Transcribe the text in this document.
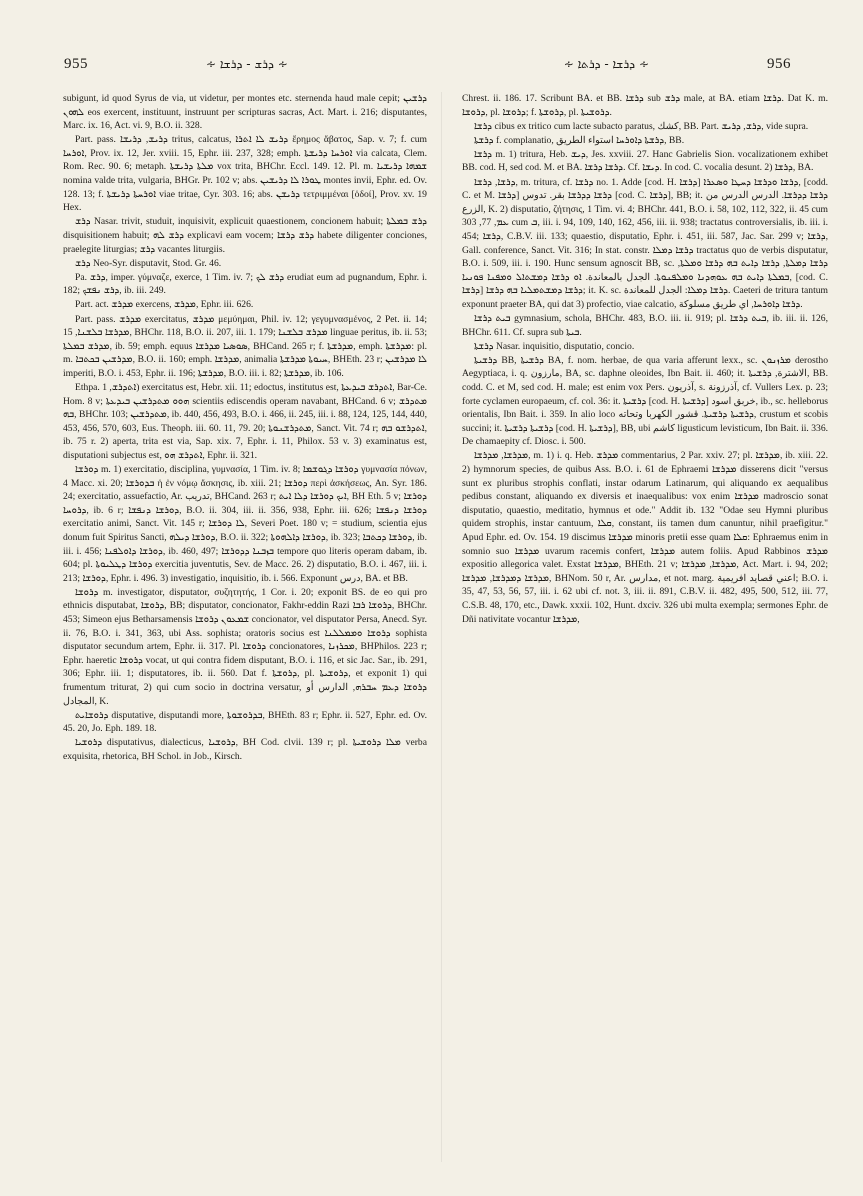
955	∻ ܕܪܫ - ܕܪܫܐ ∻	∻ ܕܪܫܐ - ܕܪܬܐ ∻	956

subigunt, id quod Syrus de via, ut videtur, per montes etc. sternenda haud male cepit; ܕܪܫܝܢ ܠܗܘܢ eos exercent, instituunt, instruunt per scripturas sacras, Act. Mart. i. 216; disputantes, Marc. ix. 16, Act. vi. 9, B.O. ii. 328.

Part. pass. ܕܪܝܫ, ܕܪܝܫܐ tritus, calcatus, ܕܪܝܫ ܠܐ ܐܬܪܐ ἔρημος ἄβατος, Sap. v. 7; f. cum ܐܘܪܚܐ, Prov. ix. 12, Jer. xviii. 15, Ephr. iii. 237, 328; emph. ܐܘܪܚܐ ܕܪܝܫܬܐ via calcata, Clem. Rom. Rec. 90. 6; metaph. ܡܠܬܐ ܕܪܝܫܬܐ vox trita, BHChr. Eccl. 149. 12. Pl. m. ܫܡܗܐ ܕܪܝܫܝܐ nomina valde trita, vulgaria, BHGr. Pr. 102 v; abs. ܛܘܪܐ ܠܐ ܕܪܝܫܝܢ montes invii, Ephr. ed. Ov. 128. 13; f. ܐܘܪܚܬܐ ܕܪܝܫܬܐ viae tritae, Cyr. 303. 16; abs. ܕܪܝܫܢ τετριμμέναι [ὁδοί], Prov. xv. 19 Hex.

ܕܪܫ Nasar. trivit, studuit, inquisivit, explicuit quaestionem, concionem habuit; ܕܪܫ ܒܡܠܬܐ disquisitionem habuit; ܕܪܫ ܠܗ explicavi eam vocem; ܕܪܫ ܕܪܫܐ habete diligenter conciones, praelegite liturgias; ܕܪܫ vacantes liturgiis.

ܕܪܫ Neo-Syr. disputavit, Stod. Gr. 46.

Pa. ܕܪܫ, imper. γύμναζε, exerce, 1 Tim. iv. 7; ܕܪܫ ܠܟ erudiat eum ad pugnandum, Ephr. i. 182; ܕܪܫ ܢܦܫܟ, ib. iii. 249.

Part. act. ܡܕܪܫ exercens, ܡܕܪܫ, Ephr. iii. 626.

Part. pass. ܡܕܪܫ exercitatus, ܡܕܪܫ μεμύημαι, Phil. iv. 12; γεγυμνασμένος, 2 Pet. ii. 14; ܡܕܪܫܐ ܒܠܫܢܐ, 15, BHChr. 118, B.O. ii. 207, iii. 1. 179; ܡܕܪܫ ܒܠܫܢܐ linguae peritus, ib. ii. 53; ܡܕܪܫ ܒܡܠܬܐ, ib. 59; emph. equus ܣܘܣܝܐ ܡܕܪܫܐ, BHCand. 265 r; f. ܡܕܪܫܬܐ, emph. ܡܕܪܫܬܐ: pl. m. ܡܕܪܫܝܢ ܒܟܬܒܐ, B.O. ii. 160; emph. ܡܕܪܫܐ, animalia ܚܝܘܬܐ ܡܕܪܫܬܐ, BHEth. 23 r; ܠܐ ܡܕܪܫܝܢ imperiti, B.O. i. 453, Ephr. ii. 196; ܡܕܪܫܬܐ, B.O. iii. i. 82; ܡܕܪܫܬܐ, ib. 106.

Ethpa. ܐܬܕܪܫ, 1) exercitatus est, Hebr. xii. 11; edoctus, institutus est, ܐܬܕܪܫ ܒܝܕܥܬܐ, Bar-Ce. Hom. 8 v; ܗܘܘ ܡܬܕܪܫܝܢ ܒܝܕܥܬܐ scientiis ediscendis operam navabant, BHCand. 6 v; ܡܬܕܪܫ ܒܗ, BHChr. 103; ܡܬܕܪܫܝܢ, ib. 440, 456, 493, B.O. i. 466, ii. 245, iii. i. 88, 124, 125, 144, 440, 453, 456, 570, 603, Eus. Theoph. iii. 60. 11, 79. 20; ܡܬܕܪܫܢܘܬܐ, Sanct. Vit. 74 r; ܐܬܕܪܫܘ ܒܗ, ib. 75 r. 2) aperta, trita est via, Sap. xix. 7, Ephr. i. 11, Philox. 53 v. 3) examinatus est, disputationi subjectus est, ܐܬܕܪܫ ܗܘ, Ephr. ii. 321.

ܕܘܪܫܐ m. 1) exercitatio, disciplina, γυμνασία, 1 Tim. iv. 8; ܕܘܪܫܐ ܕܓܘܫܡܐ γυμνασία πόνων, 4 Macc. xi. 20; ܒܕܘܪܫܐ ἡ ἐν νόμῳ ἄσκησις, ib. xiii. 21; ܕܘܪܫܐ περὶ ἀσκήσεως, An. Syr. 186. 24; exercitatio, assuefactio, Ar. تدريب, BHCand. 263 r; ܐܝܟ ܕܘܪܫܐ ܕܠܐ ܐܝܬ, BH Eth. 5 v; ܕܘܪܫܐ ܕܪܘܚܐ, ib. 6 r; ܕܘܪܫܐ ܕܢܦܫܐ, B.O. ii. 304, iii. ii. 356, 938, Ephr. iii. 626; ܕܘܪܫܐ ܕܢܦܫܐ exercitatio animi, Sanct. Vit. 145 r; ܠܐ ܕܘܪܫܐ, Severi Poet. 180 v; = studium, scientia ejus donum fuit Spiritus Sancti, ܕܘܪܫܐ ܕܝܠܗ, B.O. ii. 322; ܕܘܪܫܐ ܕܐܠܗܘܬܐ, ib. 323; ܕܘܪܫܐ ܕܟܬܒܐ, ib. iii. i. 456; ܕܘܪܫܐ ܕܐܘܠܦܢܐ, ib. 460, 497; ܒܙܒܢܐ ܕܕܘܪܫܐ tempore quo literis operam dabam, ib. 604; pl. ܕܘܪܫܐ ܕܛܠܝܘܬܐ exercitia juventutis, Sev. de Macc. 26. 2) disputatio, B.O. i. 467, iii. i. 213; ܕܘܪܫܐ, Ephr. i. 496. 3) investigatio, inquisitio, ib. i. 566. Exponunt درس, BA. et BB.

ܕܪܘܫܐ m. investigator, disputator, συζητητής, 1 Cor. i. 20; exponit BS. de eo qui pro ethnicis disputabat, ܕܪܘܫܐ, BB; disputator, concionator, Fakhr-eddin Razi ܕܪܘܫܐ ܪܒܐ, BHChr. 453; Simeon ejus Betharsamensis ܫܡܥܘܢ ܕܪܘܫܐ concionator, vel disputator Persa, Anecd. Syr. ii. 76, B.O. i. 341, 363, ubi Ass. sophista; oratoris socius est ܕܪܘܫܐ ܘܡܡܠܠܢܐ sophista disputator secundum artem, Ephr. ii. 317. Pl. ܕܪܘܫܐ concionatores, ܡܟܪܙܢܐ, BHPhilos. 223 r; Ephr. haeretic ܕܪܘܫܐ vocat, ut qui contra fidem disputant, B.O. i. 116, et sic Jac. Sar., ib. 291, 306; Ephr. iii. 1; disputatores, ib. ii. 560. Dat f. ܕܪܘܫܬܐ, pl. ܕܪܘܫܝܬܐ, et exponit 1) qui frumentum triturat, 2) qui cum socio in doctrina versatur, ܕܪܘܫܐ ܕܥܡ ܚܒܪܗ, الدارس أو المجادل, K.

ܕܪܘܫܐܝܬ disputative, disputandi more, ܒܕܪܘܫܘܬܐ, BHEth. 83 r; Ephr. ii. 527, Ephr. ed. Ov. 45. 20, Jo. Eph. 189. 18.

ܕܪܘܫܝܐ disputativus, dialecticus, ܕܪܘܫܝܐ, BH Cod. clvii. 139 r; pl. ܡܠܐ ܕܪܘܫܝܬܐ verba exquisita, rhetorica, BH Schol. in Job., Kirsch.

Chrest. ii. 186. 17. Scribunt BA. et BB. ܕܪܫܐ sub ܕܪܫ male, at BA. etiam ܕܪܫܐ. Dat K. m. ܕܪܘܫܐ, pl. ܕܪܘܫܐ; f. ܕܪܘܫܬܐ, pl. ܕܪܘܫܝܬܐ.

ܕܪܫܐ cibus ex tritico cum lacte subacto paratus, كشك, BB. Part. ܕܪܫ, ܕܪܝܫ, vide supra.

ܕܪܫܬܐ f. complanatio, ܕܪܫܬܐ ܕܐܘܪܚܐ استواء الطريق, BB.

ܕܪܫܐ m. 1) tritura, Heb. ܕܝܫ, Jes. xxviii. 27. Hanc Gabrielis Sion. vocalizationem exhibet BB. cod. H, sed cod. M. et BA. ܕܪܫܐ ܕܪܫܐ. Cf. ܕܝܫܐ. In cod. C. vocalia desunt. 2) ܕܪܫܐ, BA.

ܕܪܫܐ, ܕܪܫܐ, m. tritura, cf. ܕܪܫܐ no. 1. Adde [cod. H. ܕܪܫܐ] ܕܪܫܐ ܘܕܪܫܐ ܕܚܛܐ ܘܣܥܪܐ, [codd. C. et M. ܕܪܫܐ] ܕܪܫܐ ܕܕܪܫܐ بقر. تدوس [cod. C. ܕܪܫܐ], BB; it. ܕܪܫܐ ܕܕܪܫܐ. الدرس الدرس من الزرع, K. 2) disputatio, ζήτησις, 1 Tim. vi. 4; BHChr. 441, B.O. i. 58, 102, 112, 322, ii. 45 cum ܥܡ, 77, 303 cum ܒ, iii. i. 94, 109, 140, 162, 456, iii. ii. 938; tractatus controversialis, ib. iii. i. 454; ܕܪܫܐ, C.B.V. iii. 133; quaestio, disputatio, Ephr. i. 451, iii. 587, Jac. Sar. 299 v; ܕܪܫܐ, Gall. conference, Sanct. Vit. 316; In stat. constr. ܕܪܫܐ ܕܡܠܐ tractatus quo de verbis disputatur, B.O. i. 509, iii. i. 190. Hunc sensum agnoscit BB, sc. ܕܪܫܐ ܕܡܠܬܐ, ܕܪܫܐ ܕܐܝܬ ܒܗ ܕܪܫܐ ܘܡܠܬܐ, ܒܡܠܬܐ ܕܐܝܬ ܒܗ ܥܘܗܕܢܐ ܘܡܠܦܢܘܬܐ. الجدل بالمعاندة. ܐܘ ܕܪܫܐ ܕܡܫܬܐܠ ܘܡܦܢܐ ܦܘܢܝܐ, [cod. C. ܕܪܫܐ] ܕܪܫܐ ܕܡܫܬܡܠܝܐ ܒܗ ܕܪܫܐ; it. K. sc. ܕܪܫܐ ܕܡܠܐ: الجدل للمعاندة. Caeteri de tritura tantum exponunt praeter BA, qui dat 3) profectio, viae calcatio, ܕܪܫܐ ܕܐܘܪܚܐ, اي طريق مسلوكة.

ܒܝܬ ܕܪܫܐ gymnasium, schola, BHChr. 483, B.O. iii. ii. 919; pl. ܒܝܬ ܕܪܫܐ, ib. iii. ii. 126, BHChr. 611. Cf. supra sub ܒܝܬܐ.

ܕܪܫܬܐ Nasar. inquisitio, disputatio, concio.

ܕܪܫܝܬܐ BB, ܕܪܫܝܬܐ BA, f. nom. herbae, de qua varia afferunt lexx., sc. ܡܪܙܢܘܢ derostho Aegyptiaca, i. q. مارزون, BA, sc. daphne oleoides, Ibn Bait. ii. 460; it. الاشترة, ܕܪܫܝܬܐ, BB. codd. C. et M, sed cod. H. male; est enim vox Pers. آذريون, s. آذرزونة, cf. Vullers Lex. p. 23; forte cyclamen europaeum, cf. col. 36: it. ܕܪܫܝܬܐ [cod. H. ܕܪܫܝܬܐ] خربق اسود, ib., sc. helleborus orientalis, Ibn Bait. i. 359. In alio loco ܕܪܫܝܬܐ ܕܪܫܝܬܐ. قشور الكهربا وتحاته, crustum et scobis succini; it. ܕܪܫܝܬܐ ܕܪܫܝܬܐ [cod. H. ܕܪܫܝܬܐ], BB, ubi كاشم ligusticum levisticum, Ibn Bait. ii. 336. De chamaepity cf. Diosc. i. 500.

ܡܕܪܫܐ, ܡܕܪܫܐ, m. 1) i. q. Heb. ܡܕܪܫ commentarius, 2 Par. xxiv. 27; pl. ܡܕܪܫܐ, ib. xiii. 22. 2) hymnorum species, de quibus Ass. B.O. i. 61 de Ephraemi ܡܕܪܫܐ disserens dicit "versus sunt ex pluribus strophis conflati, instar odarum Latinarum, qui aliquando ex aequalibus pedibus constant, aliquando ex diversis et inaequalibus: vox enim ܡܕܪܫܐ madroscio sonat disputatio, quaestio, meditatio, hymnus et ode." Addit ib. 132 "Odae seu Hymni pluribus quidem strophis, instar cantuum, ܩܠܐ, constant, iis tamen dum canuntur, nihil praefigitur." Apud Ephr. ed. Ov. 154. 19 discimus ܡܕܪܫܐ minoris pretii esse quam ܩܠܐ: Ephraemus enim in somnio suo ܡܕܪܫܐ uvarum racemis confert, ܡܕܪܫܐ autem foliis. Apud Rabbinos ܡܕܪܫ expositio allegorica valet. Exstat ܡܕܪܫܐ, BHEth. 21 v; ܡܕܪܫܐ, ܡܕܪܫܐ, Act. Mart. i. 94, 202; ܡܕܪܫܐ ܕܡܕܪܫܐ, ܡܕܪܫܐ, BHNom. 50 r, Ar. مدارس, et not. marg. اعني قصايد افريمية; B.O. i. 35, 47, 53, 56, 57, iii. i. 62 ubi cf. not. 3, iii. ii. 891, C.B.V. ii. 482, 495, 500, 512, iii. 77, C.S.B. 48, 170, etc., Dawk. xxxii. 102, Hunt. dxciv. 326 ubi multa exempla; sermones Ephr. de Dñi nativitate vocantur ܡܕܪܫܐ,
